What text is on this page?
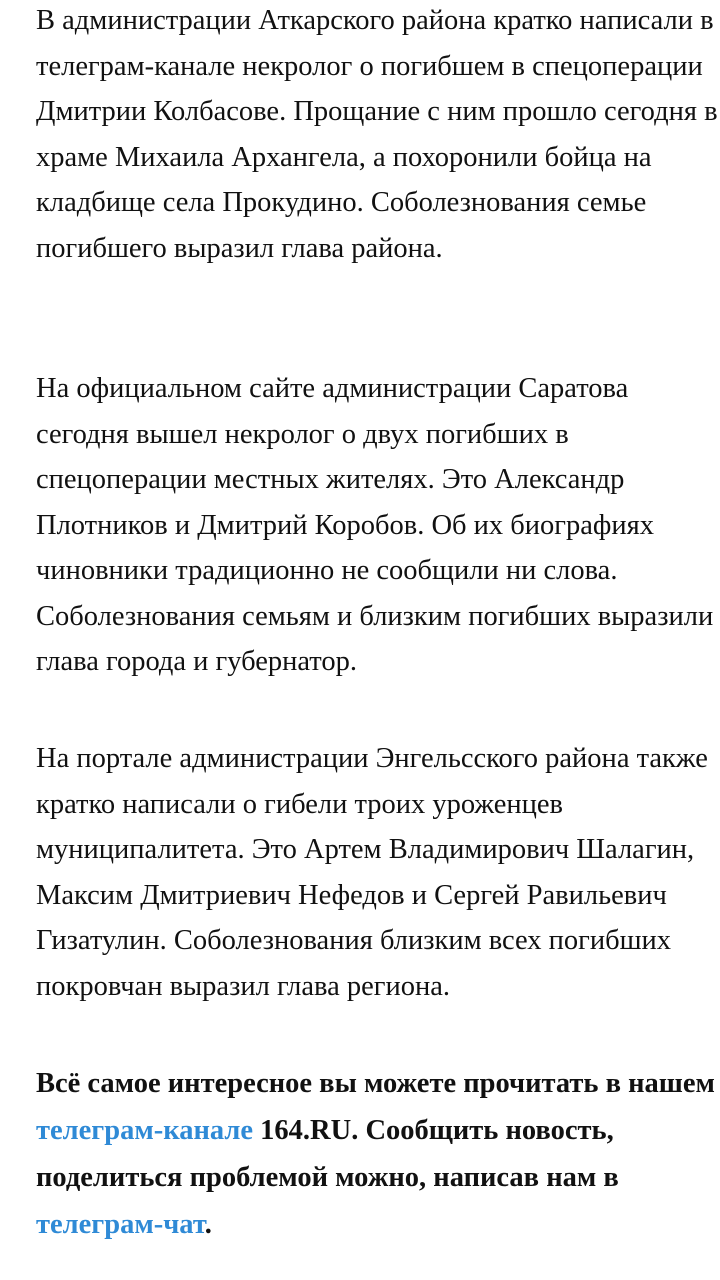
В администрации Аткарского района кратко написали в телеграм-канале некролог о погибшем в спецоперации Дмитрии Колбасове. Прощание с ним прошло сегодня в храме Михаила Архангела, а похоронили бойца на кладбище села Прокудино. Соболезнования семье погибшего выразил глава района.

На официальном сайте администрации Саратова сегодня вышел некролог о двух погибших в спецоперации местных жителях. Это Александр Плотников и Дмитрий Коробов. Об их биографиях чиновники традиционно не сообщили ни слова. Соболезнования семьям и близким погибших выразили глава города и губернатор.

На портале администрации Энгельсского района также кратко написали о гибели троих уроженцев муниципалитета. Это Артем Владимирович Шалагин, Максим Дмитриевич Нефедов и Сергей Равильевич Гизатулин. Соболезнования близким всех погибших покровчан выразил глава региона.

Всё самое интересное вы можете прочитать в нашем телеграм-канале 164.RU. Сообщить новость, поделиться проблемой можно, написав нам в телеграм-чат.
